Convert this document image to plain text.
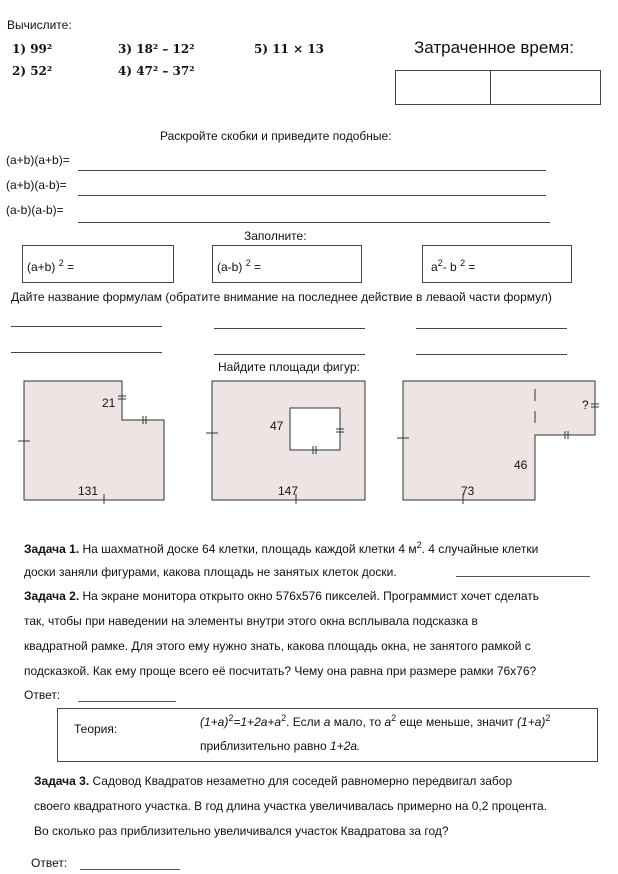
Вычислите:
1) 99²
2) 52²
3) 18² – 12²
4) 47² – 37²
5) 11 × 13	Затраченное время:
Раскройте скобки и приведите подобные:
(a+b)(a+b)=
(a+b)(a-b)=
(a-b)(a-b)=
Заполните:
(a+b) $^2$ =	(a-b) $^2$ =	$a^2-$ b $^2$ =
Дайте название формулам (обратите внимание на последнее действие в леваой части формул)
Найдите площади фигур:
21
131
47
147
?
46
73
Задача 1. На шахматной доске 64 клетки, площадь каждой клетки 4 $м^2$. 4 случайные клетки
доски заняли фигурами, какова площадь не занятых клеток доски.
Задача 2. На экране монитора открыто окно 576х576 пикселей. Программист хочет сделать
так, чтобы при наведении на элементы внутри этого окна всплывала подсказка в
квадратной рамке. Для этого ему нужно знать, какова площадь окна, не занятого рамкой с
подсказкой. Как ему проще всего её посчитать? Чему она равна при размере рамки 76х76?
Ответ:
Теория:	$(1+a)^2=1+2a+a^2$. Если a мало, то $a^2$ еще меньше, значит $(1+a)^2$
приблизительно равно 1+2a.
Задача 3. Садовод Квадратов незаметно для соседей равномерно передвигал забор
своего квадратного участка. В год длина участка увеличивалась примерно на 0,2 процента.
Во сколько раз приблизительно увеличивался участок Квадратова за год?
Ответ:
